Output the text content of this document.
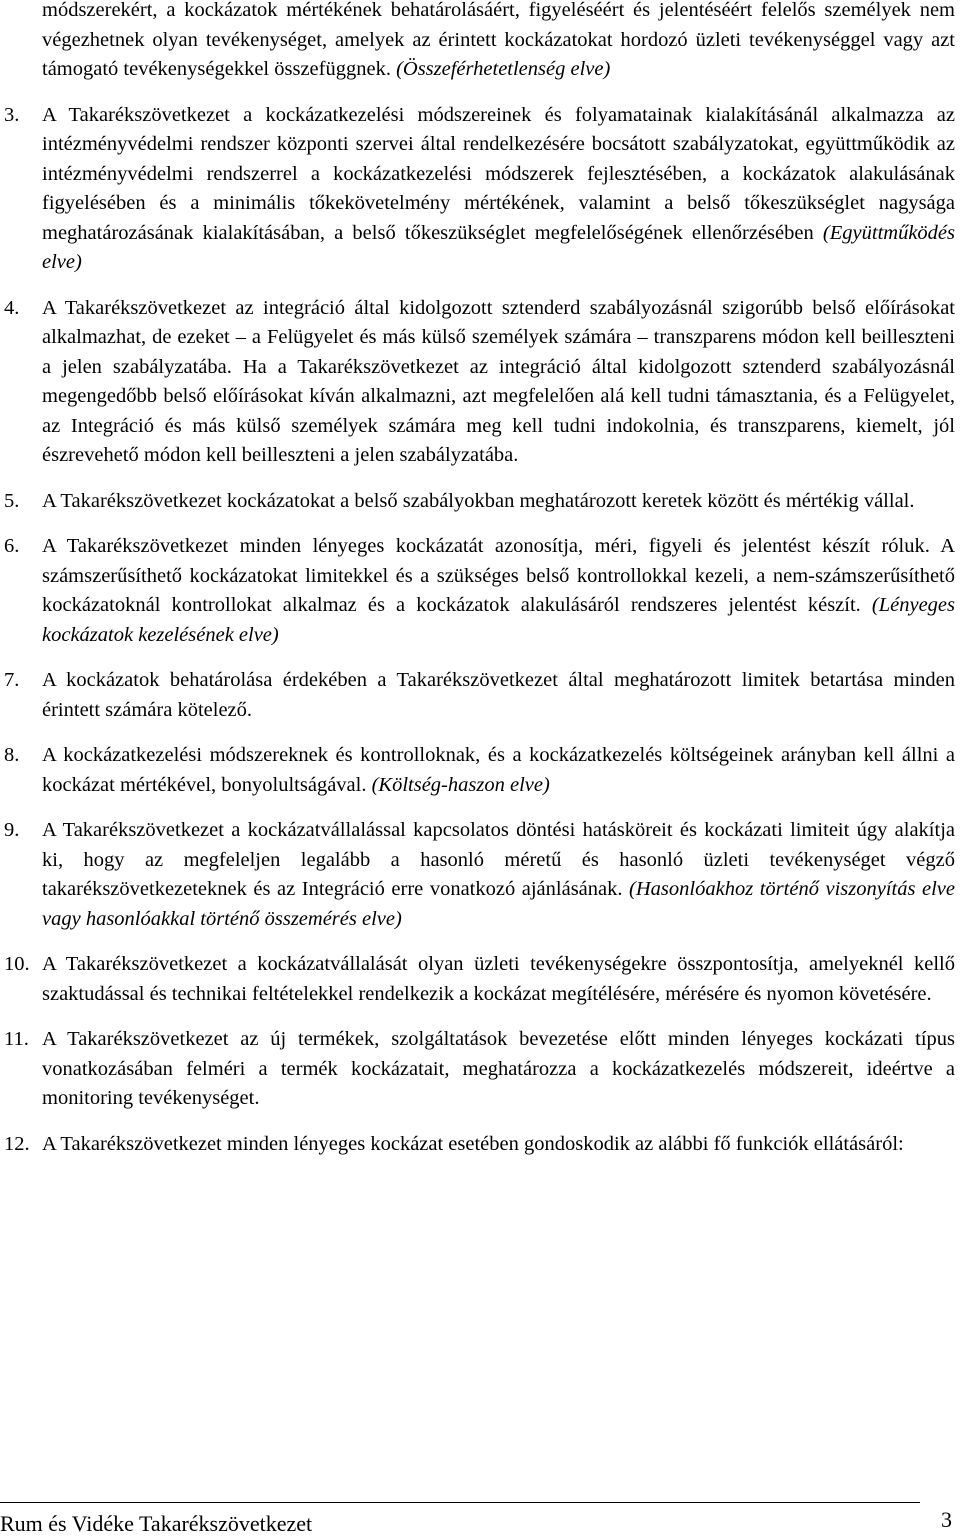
módszerekért, a kockázatok mértékének behatárolásáért, figyeléséért és jelentéséért felelős személyek nem végezhetnek olyan tevékenységet, amelyek az érintett kockázatokat hordozó üzleti tevékenységgel vagy azt támogató tevékenységekkel összefüggnek. (Összeférhetetlenség elve)

3.	A Takarékszövetkezet a kockázatkezelési módszereinek és folyamatainak kialakításánál alkalmazza az intézményvédelmi rendszer központi szervei által rendelkezésére bocsátott szabályzatokat, együttműködik az intézményvédelmi rendszerrel a kockázatkezelési módszerek fejlesztésében, a kockázatok alakulásának figyelésében és a minimális tőkekövetelmény mértékének, valamint a belső tőkeszükséglet nagysága meghatározásának kialakításában, a belső tőkeszükséglet megfelelőségének ellenőrzésében (Együttműködés elve)
4.	A Takarékszövetkezet az integráció által kidolgozott sztenderd szabályozásnál szigorúbb belső előírásokat alkalmazhat, de ezeket – a Felügyelet és más külső személyek számára – transzparens módon kell beilleszteni a jelen szabályzatába. Ha a Takarékszövetkezet az integráció által kidolgozott sztenderd szabályozásnál megengedőbb belső előírásokat kíván alkalmazni, azt megfelelően alá kell tudni támasztania, és a Felügyelet, az Integráció és más külső személyek számára meg kell tudni indokolnia, és transzparens, kiemelt, jól észrevehető módon kell beilleszteni a jelen szabályzatába.
5.	A Takarékszövetkezet kockázatokat a belső szabályokban meghatározott keretek között és mértékig vállal.
6.	A Takarékszövetkezet minden lényeges kockázatát azonosítja, méri, figyeli és jelentést készít róluk. A számszerűsíthető kockázatokat limitekkel és a szükséges belső kontrollokkal kezeli, a nem-számszerűsíthető kockázatoknál kontrollokat alkalmaz és a kockázatok alakulásáról rendszeres jelentést készít. (Lényeges kockázatok kezelésének elve)
7.	A kockázatok behatárolása érdekében a Takarékszövetkezet által meghatározott limitek betartása minden érintett számára kötelező.
8.	A kockázatkezelési módszereknek és kontrolloknak, és a kockázatkezelés költségeinek arányban kell állni a kockázat mértékével, bonyolultságával. (Költség-haszon elve)
9.	A Takarékszövetkezet a kockázatvállalással kapcsolatos döntési hatásköreit és kockázati limiteit úgy alakítja ki, hogy az megfeleljen legalább a hasonló méretű és hasonló üzleti tevékenységet végző takarékszövetkezeteknek és az Integráció erre vonatkozó ajánlásának. (Hasonlóakhoz történő viszonyítás elve vagy hasonlóakkal történő összemérés elve)
10. A Takarékszövetkezet a kockázatvállalását olyan üzleti tevékenységekre összpontosítja, amelyeknél kellő szaktudással és technikai feltételekkel rendelkezik a kockázat megítélésére, mérésére és nyomon követésére.
11. A Takarékszövetkezet az új termékek, szolgáltatások bevezetése előtt minden lényeges kockázati típus vonatkozásában felméri a termék kockázatait, meghatározza a kockázatkezelés módszereit, ideértve a monitoring tevékenységet.
12. A Takarékszövetkezet minden lényeges kockázat esetében gondoskodik az alábbi fő funkciók ellátásáról:
Rum és Vidéke Takarékszövetkezet	3
